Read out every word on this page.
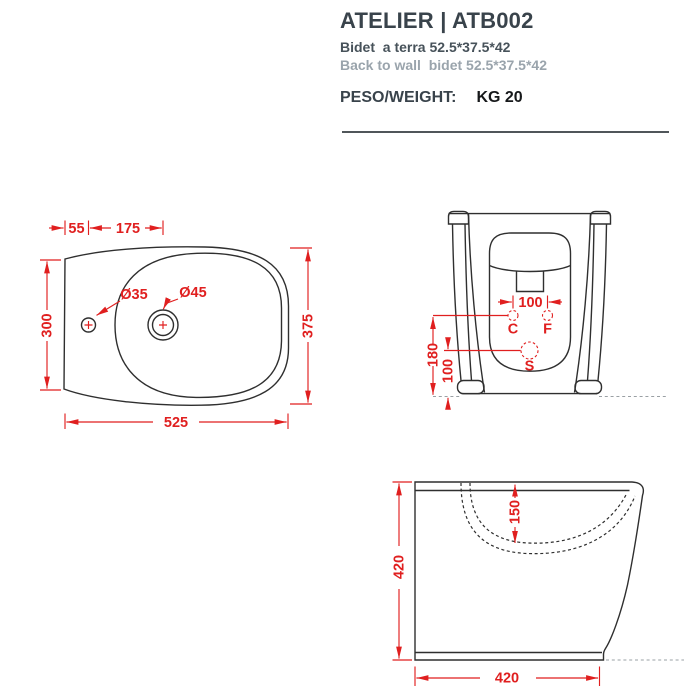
ATELIER | ATB002
Bidet  a terra 52.5*37.5*42
Back to wall  bidet 52.5*37.5*42
PESO/WEIGHT: KG 20
55 175
300	375
525
Ø35 Ø45
C F
S
100
180
100
150
420
420
